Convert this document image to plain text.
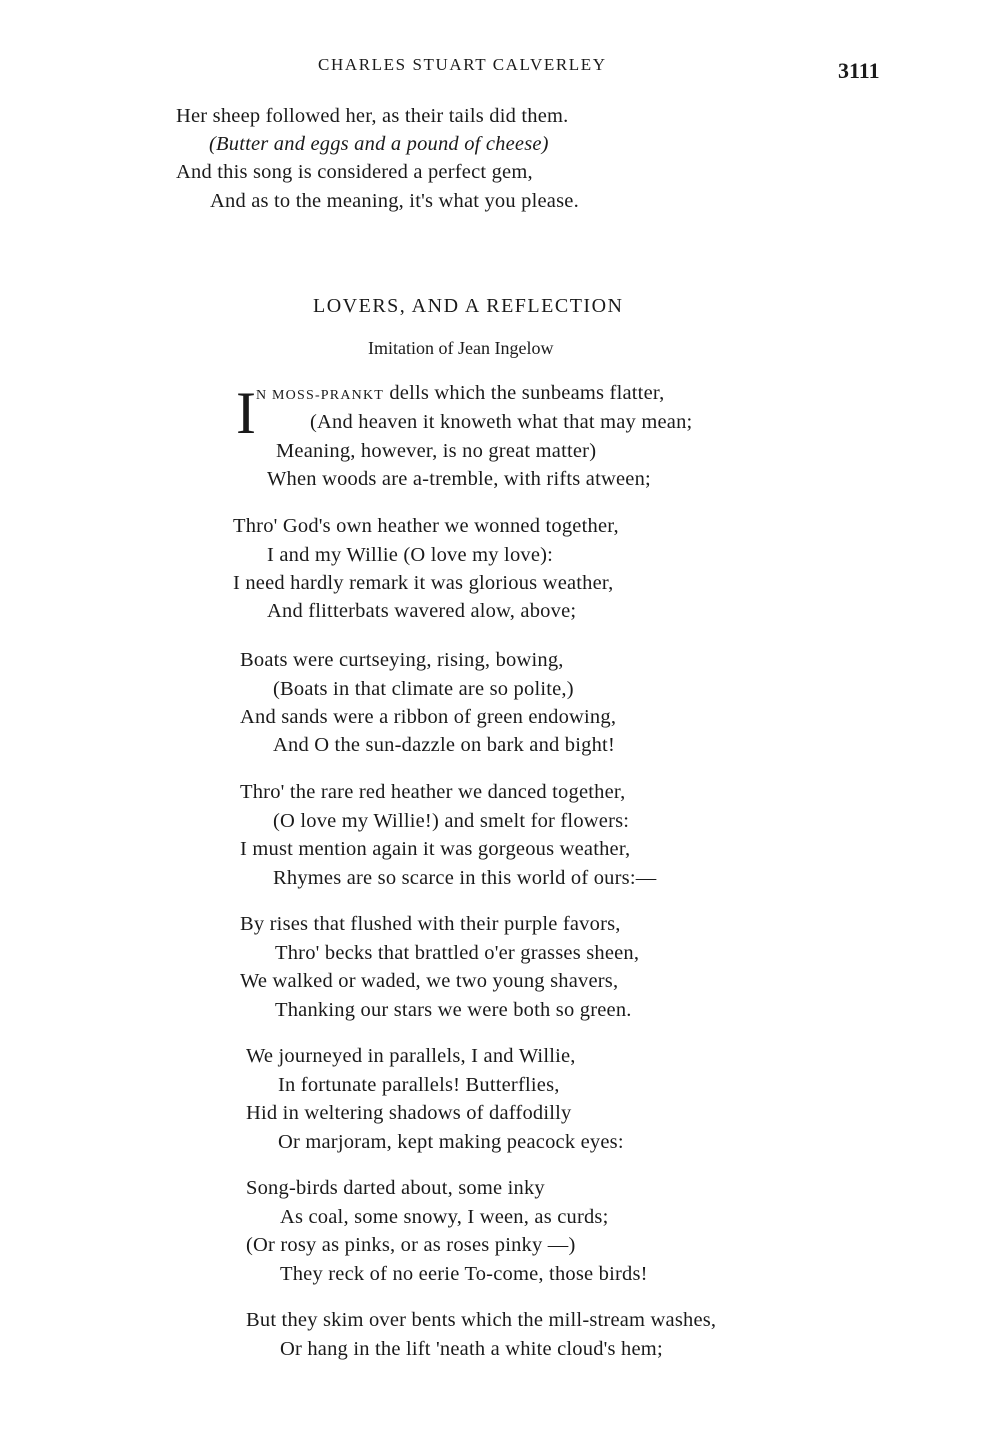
CHARLES STUART CALVERLEY	3111
Her sheep followed her, as their tails did them.
(Butter and eggs and a pound of cheese)
And this song is considered a perfect gem,
And as to the meaning, it's what you please.
LOVERS, AND A REFLECTION
Imitation of Jean Ingelow
I N MOSS-PRANKT dells which the sunbeams flatter,
(And heaven it knoweth what that may mean;
Meaning, however, is no great matter)
When woods are a-tremble, with rifts atween;
Thro' God's own heather we wonned together,
I and my Willie (O love my love):
I need hardly remark it was glorious weather,
And flitterbats wavered alow, above;
Boats were curtseying, rising, bowing,
(Boats in that climate are so polite,)
And sands were a ribbon of green endowing,
And O the sun-dazzle on bark and bight!
Thro' the rare red heather we danced together,
(O love my Willie!) and smelt for flowers:
I must mention again it was gorgeous weather,
Rhymes are so scarce in this world of ours:—
By rises that flushed with their purple favors,
Thro' becks that brattled o'er grasses sheen,
We walked or waded, we two young shavers,
Thanking our stars we were both so green.
We journeyed in parallels, I and Willie,
In fortunate parallels! Butterflies,
Hid in weltering shadows of daffodilly
Or marjoram, kept making peacock eyes:
Song-birds darted about, some inky
As coal, some snowy, I ween, as curds;
(Or rosy as pinks, or as roses pinky —)
They reck of no eerie To-come, those birds!
But they skim over bents which the mill-stream washes,
Or hang in the lift 'neath a white cloud's hem;
